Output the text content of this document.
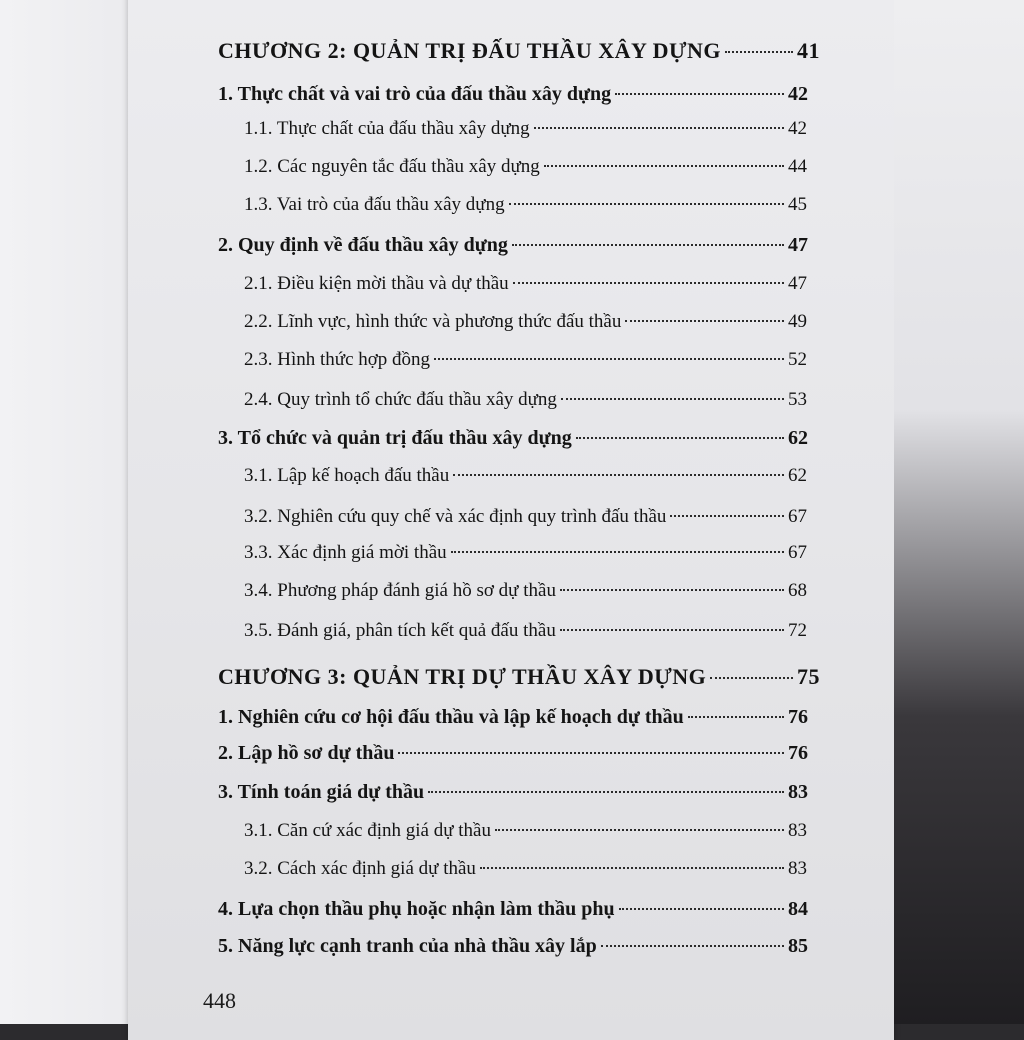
CHƯƠNG 2: QUẢN TRỊ ĐẤU THẦU XÂY DỰNG	41
1. Thực chất và vai trò của đấu thầu xây dựng	42
1.1. Thực chất của đấu thầu xây dựng	42
1.2. Các nguyên tắc đấu thầu xây dựng	44
1.3. Vai trò của đấu thầu xây dựng	45
2. Quy định về đấu thầu xây dựng	47
2.1. Điều kiện mời thầu và dự thầu	47
2.2. Lĩnh vực, hình thức và phương thức đấu thầu	49
2.3. Hình thức hợp đồng	52
2.4. Quy trình tổ chức đấu thầu xây dựng	53
3. Tổ chức và quản trị đấu thầu xây dựng	62
3.1. Lập kế hoạch đấu thầu	62
3.2. Nghiên cứu quy chế và xác định quy trình đấu thầu	67
3.3. Xác định giá mời thầu	67
3.4. Phương pháp đánh giá hồ sơ dự thầu	68
3.5. Đánh giá, phân tích kết quả đấu thầu	72
CHƯƠNG 3: QUẢN TRỊ DỰ THẦU XÂY DỰNG	75
1. Nghiên cứu cơ hội đấu thầu và lập kế hoạch dự thầu	76
2. Lập hồ sơ dự thầu	76
3. Tính toán giá dự thầu	83
3.1. Căn cứ xác định giá dự thầu	83
3.2. Cách xác định giá dự thầu	83
4. Lựa chọn thầu phụ hoặc nhận làm thầu phụ	84
5. Năng lực cạnh tranh của nhà thầu xây lắp	85
448
